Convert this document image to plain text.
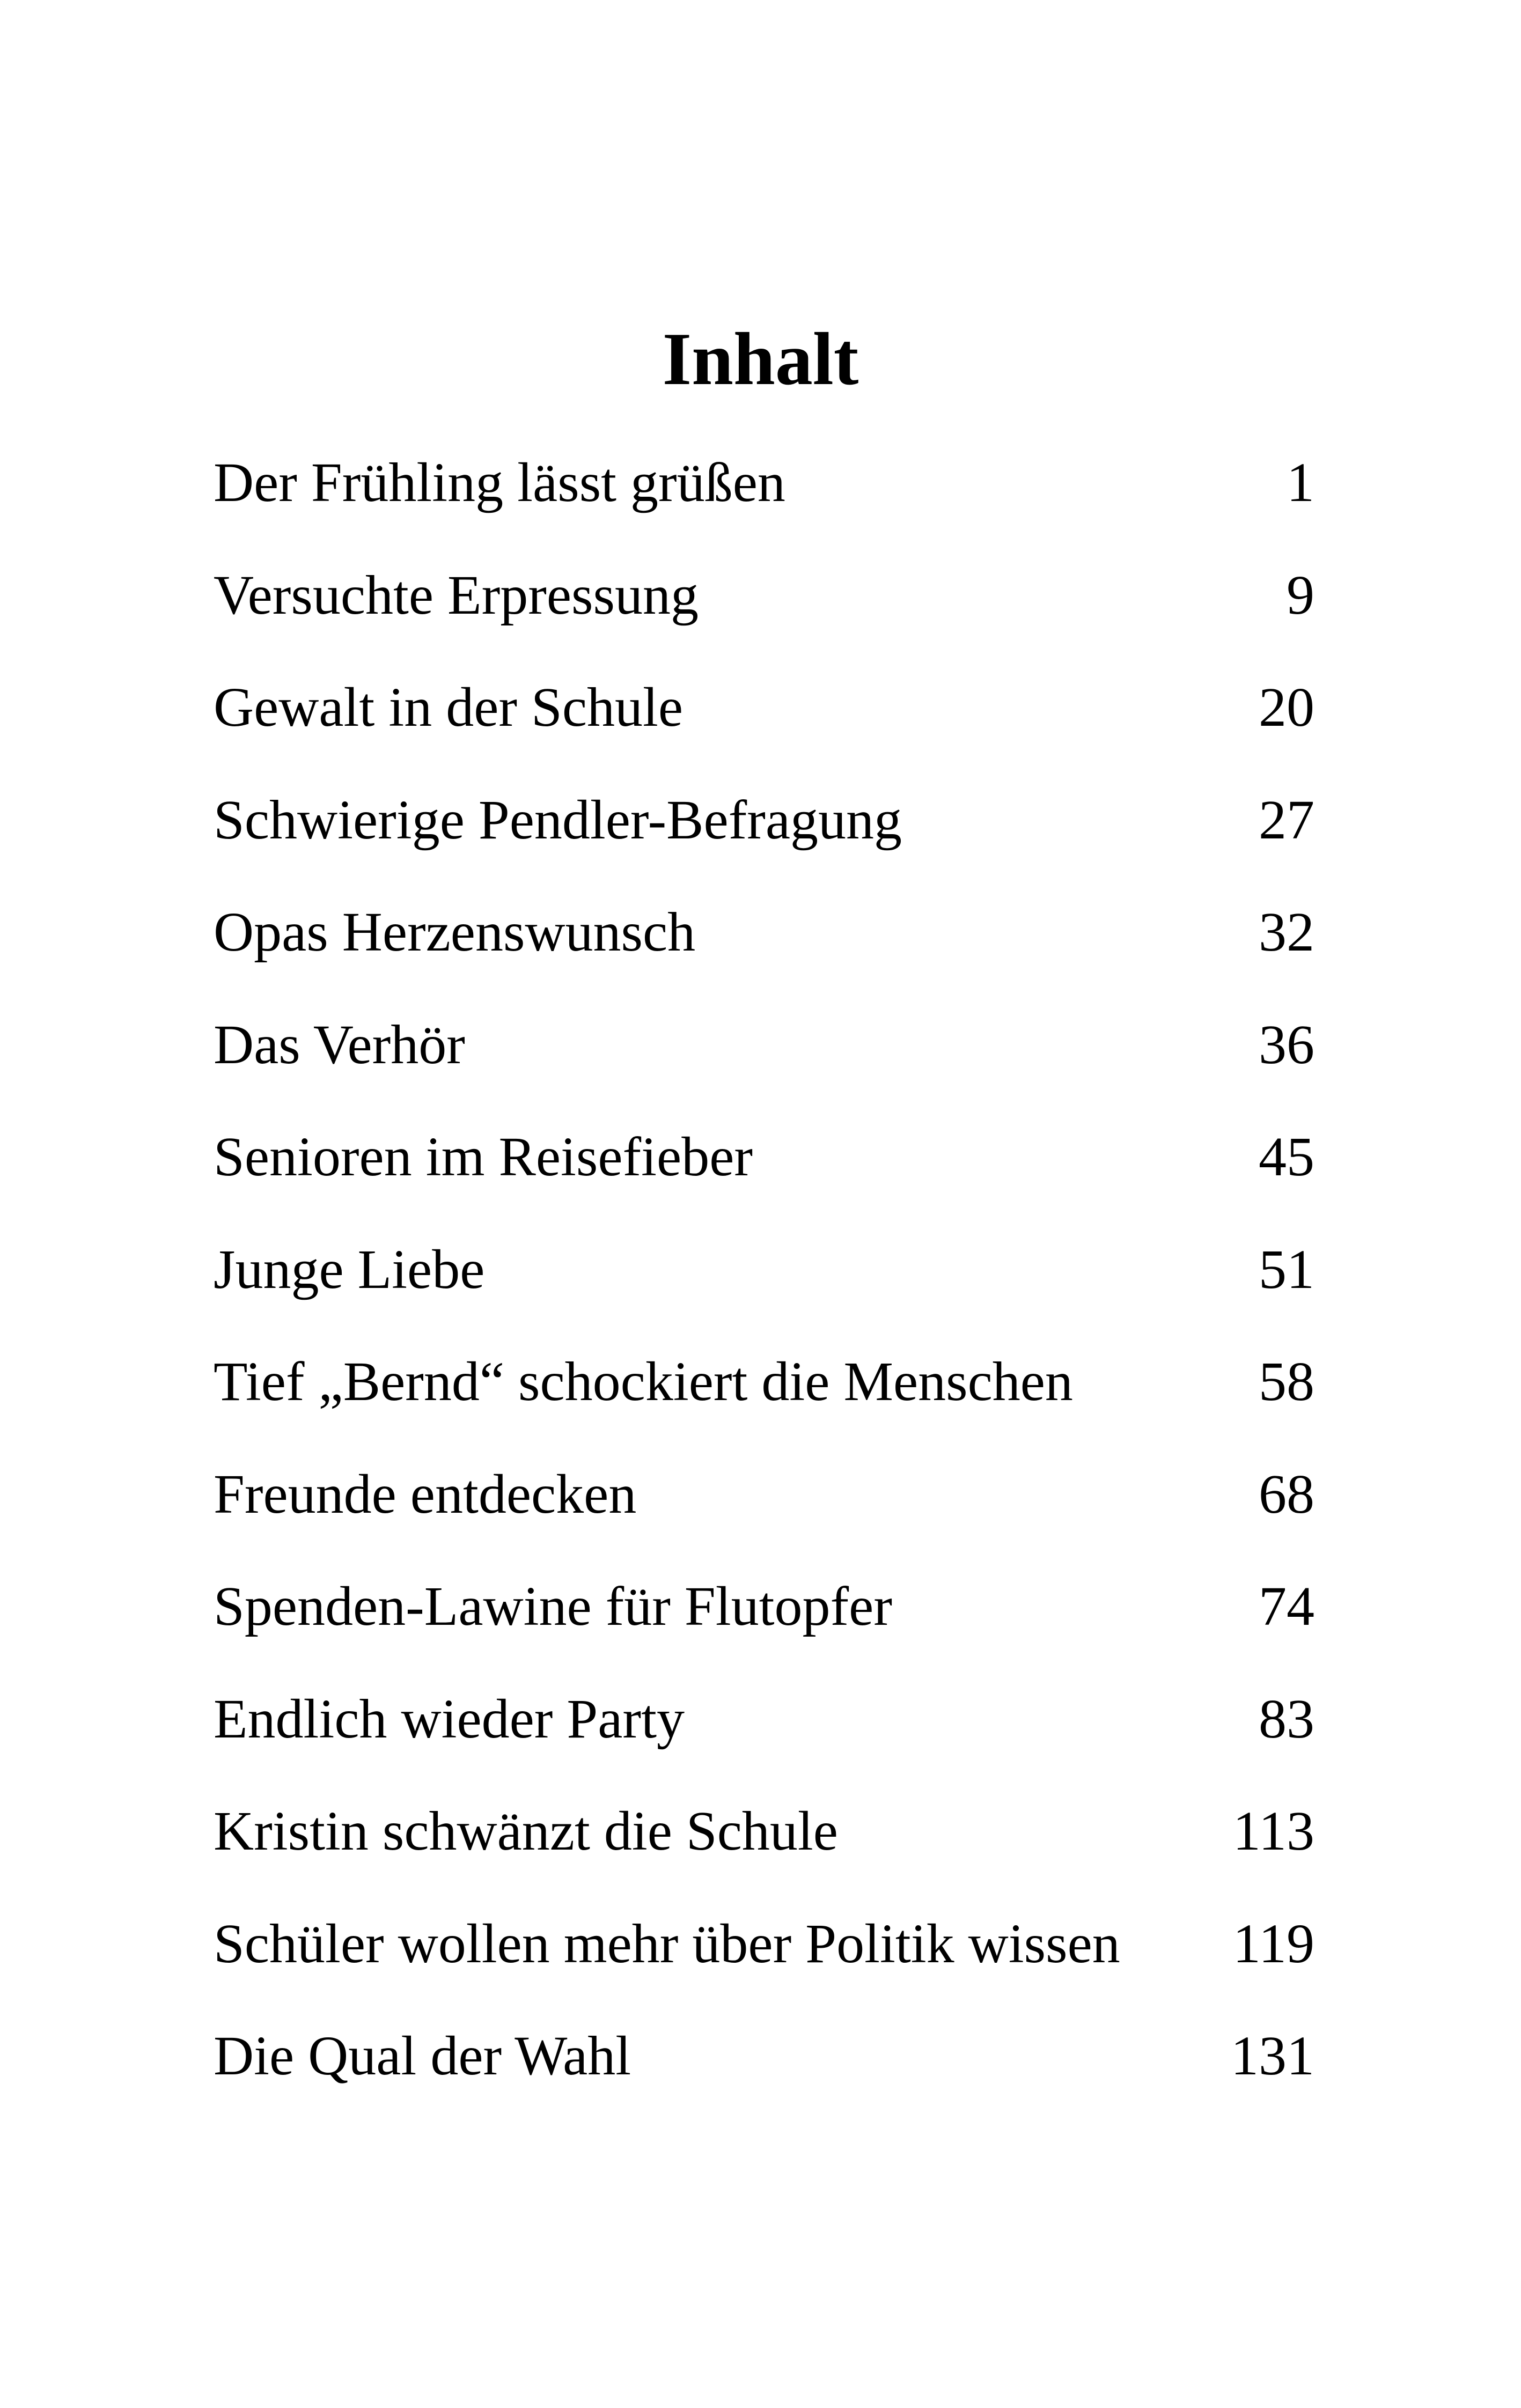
Inhalt
Der Frühling lässt grüßen	1
Versuchte Erpressung	9
Gewalt in der Schule	20
Schwierige Pendler-Befragung	27
Opas Herzenswunsch	32
Das Verhör	36
Senioren im Reisefieber	45
Junge Liebe	51
Tief „Bernd“ schockiert die Menschen	58
Freunde entdecken	68
Spenden-Lawine für Flutopfer	74
Endlich wieder Party	83
Kristin schwänzt die Schule	113
Schüler wollen mehr über Politik wissen 119
Die Qual der Wahl	131
